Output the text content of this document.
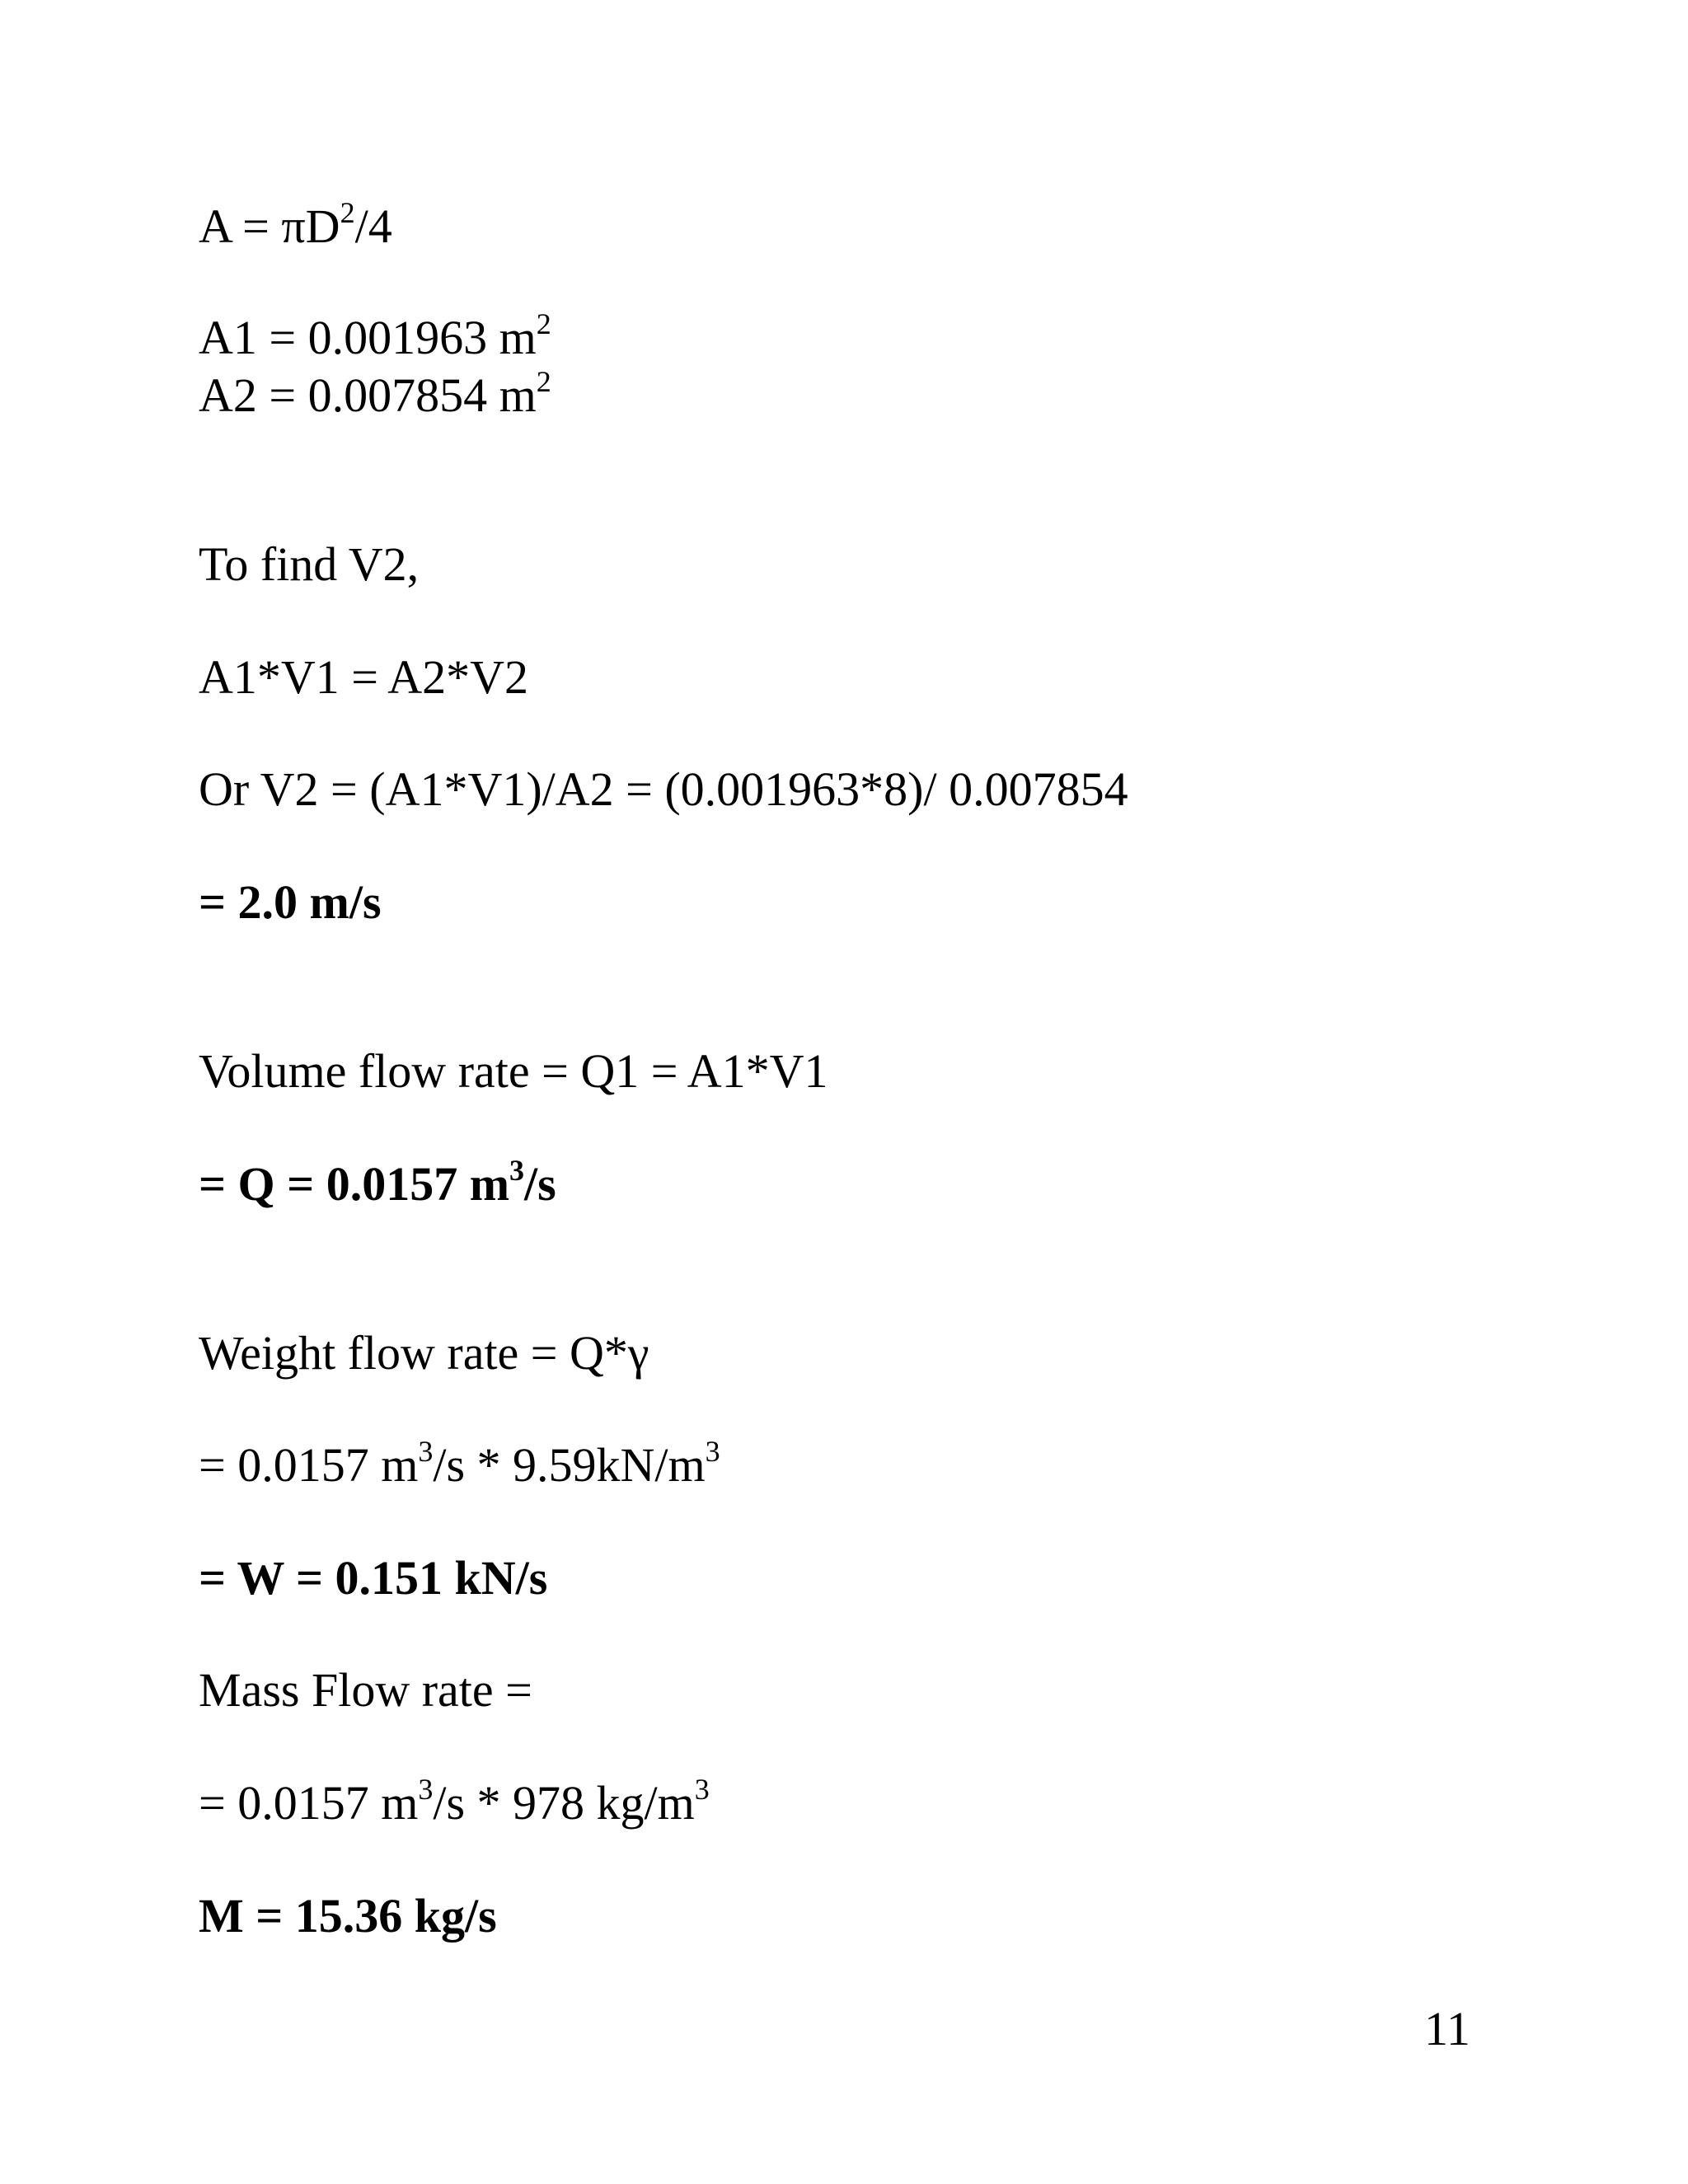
$A = \pi D^2/4$
A1 = 0.001963 $m^2$
A2 = 0.007854 $m^2$
To find V2,
A1*V1 = A2*V2
Or V2 = (A1*V1)/A2 = (0.001963*8)/ 0.007854
= 2.0 m/s
Volume flow rate = Q1 = A1*V1
= Q = 0.0157 $m^3/s$
Weight flow rate = Q*γ
= 0.0157 $m^3/s * 9.59kN/m^3$
= W = 0.151 kN/s
Mass Flow rate =
= 0.0157 $m^3/s * 978$ $kg/m^3$
M = 15.36 kg/s
11
